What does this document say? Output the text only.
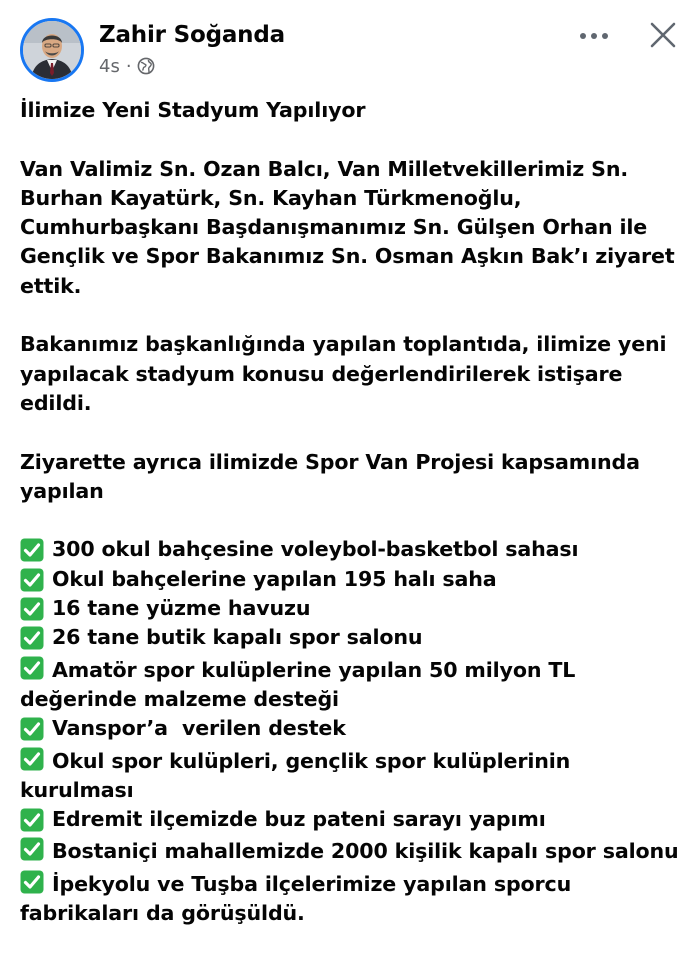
Zahir Soğanda
4s ·

İlimize Yeni Stadyum Yapılıyor

Van Valimiz Sn. Ozan Balcı, Van Milletvekillerimiz Sn. Burhan Kayatürk, Sn. Kayhan Türkmenoğlu, Cumhurbaşkanı Başdanışmanımız Sn. Gülşen Orhan ile Gençlik ve Spor Bakanımız Sn. Osman Aşkın Bak’ı ziyaret ettik.

Bakanımız başkanlığında yapılan toplantıda, ilimize yeni yapılacak stadyum konusu değerlendirilerek istişare edildi.

Ziyarette ayrıca ilimizde Spor Van Projesi kapsamında yapılan

300 okul bahçesine voleybol-basketbol sahası
Okul bahçelerine yapılan 195 halı saha
16 tane yüzme havuzu
26 tane butik kapalı spor salonu
Amatör spor kulüplerine yapılan 50 milyon TL değerinde malzeme desteği
Vanspor’a  verilen destek
Okul spor kulüpleri, gençlik spor kulüplerinin kurulması
Edremit ilçemizde buz pateni sarayı yapımı
Bostaniçi mahallemizde 2000 kişilik kapalı spor salonu
İpekyolu ve Tuşba ilçelerimize yapılan sporcu fabrikaları da görüşüldü.
